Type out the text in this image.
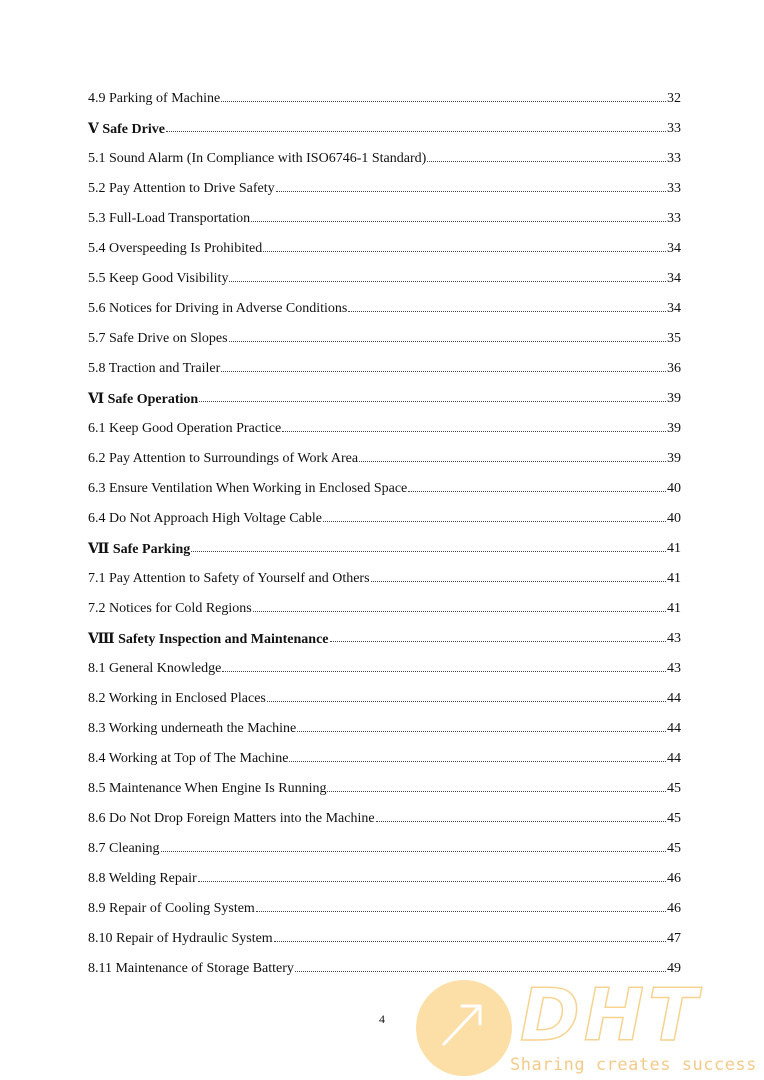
4.9 Parking of Machine	32
Ⅴ Safe Drive	33
5.1 Sound Alarm (In Compliance with ISO6746-1 Standard)	33
5.2 Pay Attention to Drive Safety	33
5.3 Full-Load Transportation	33
5.4 Overspeeding Is Prohibited	34
5.5 Keep Good Visibility	34
5.6 Notices for Driving in Adverse Conditions	34
5.7 Safe Drive on Slopes	35
5.8 Traction and Trailer	36
Ⅵ Safe Operation	39
6.1 Keep Good Operation Practice	39
6.2 Pay Attention to Surroundings of Work Area	39
6.3 Ensure Ventilation When Working in Enclosed Space	40
6.4 Do Not Approach High Voltage Cable	40
Ⅶ Safe Parking	41
7.1 Pay Attention to Safety of Yourself and Others	41
7.2 Notices for Cold Regions	41
Ⅷ Safety Inspection and Maintenance	43
8.1 General Knowledge	43
8.2 Working in Enclosed Places	44
8.3 Working underneath the Machine	44
8.4 Working at Top of The Machine	44
8.5 Maintenance When Engine Is Running	45
8.6 Do Not Drop Foreign Matters into the Machine	45
8.7 Cleaning	45
8.8 Welding Repair	46
8.9 Repair of Cooling System	46
8.10 Repair of Hydraulic System	47
8.11 Maintenance of Storage Battery	49
4	DHT
Sharing creates success
